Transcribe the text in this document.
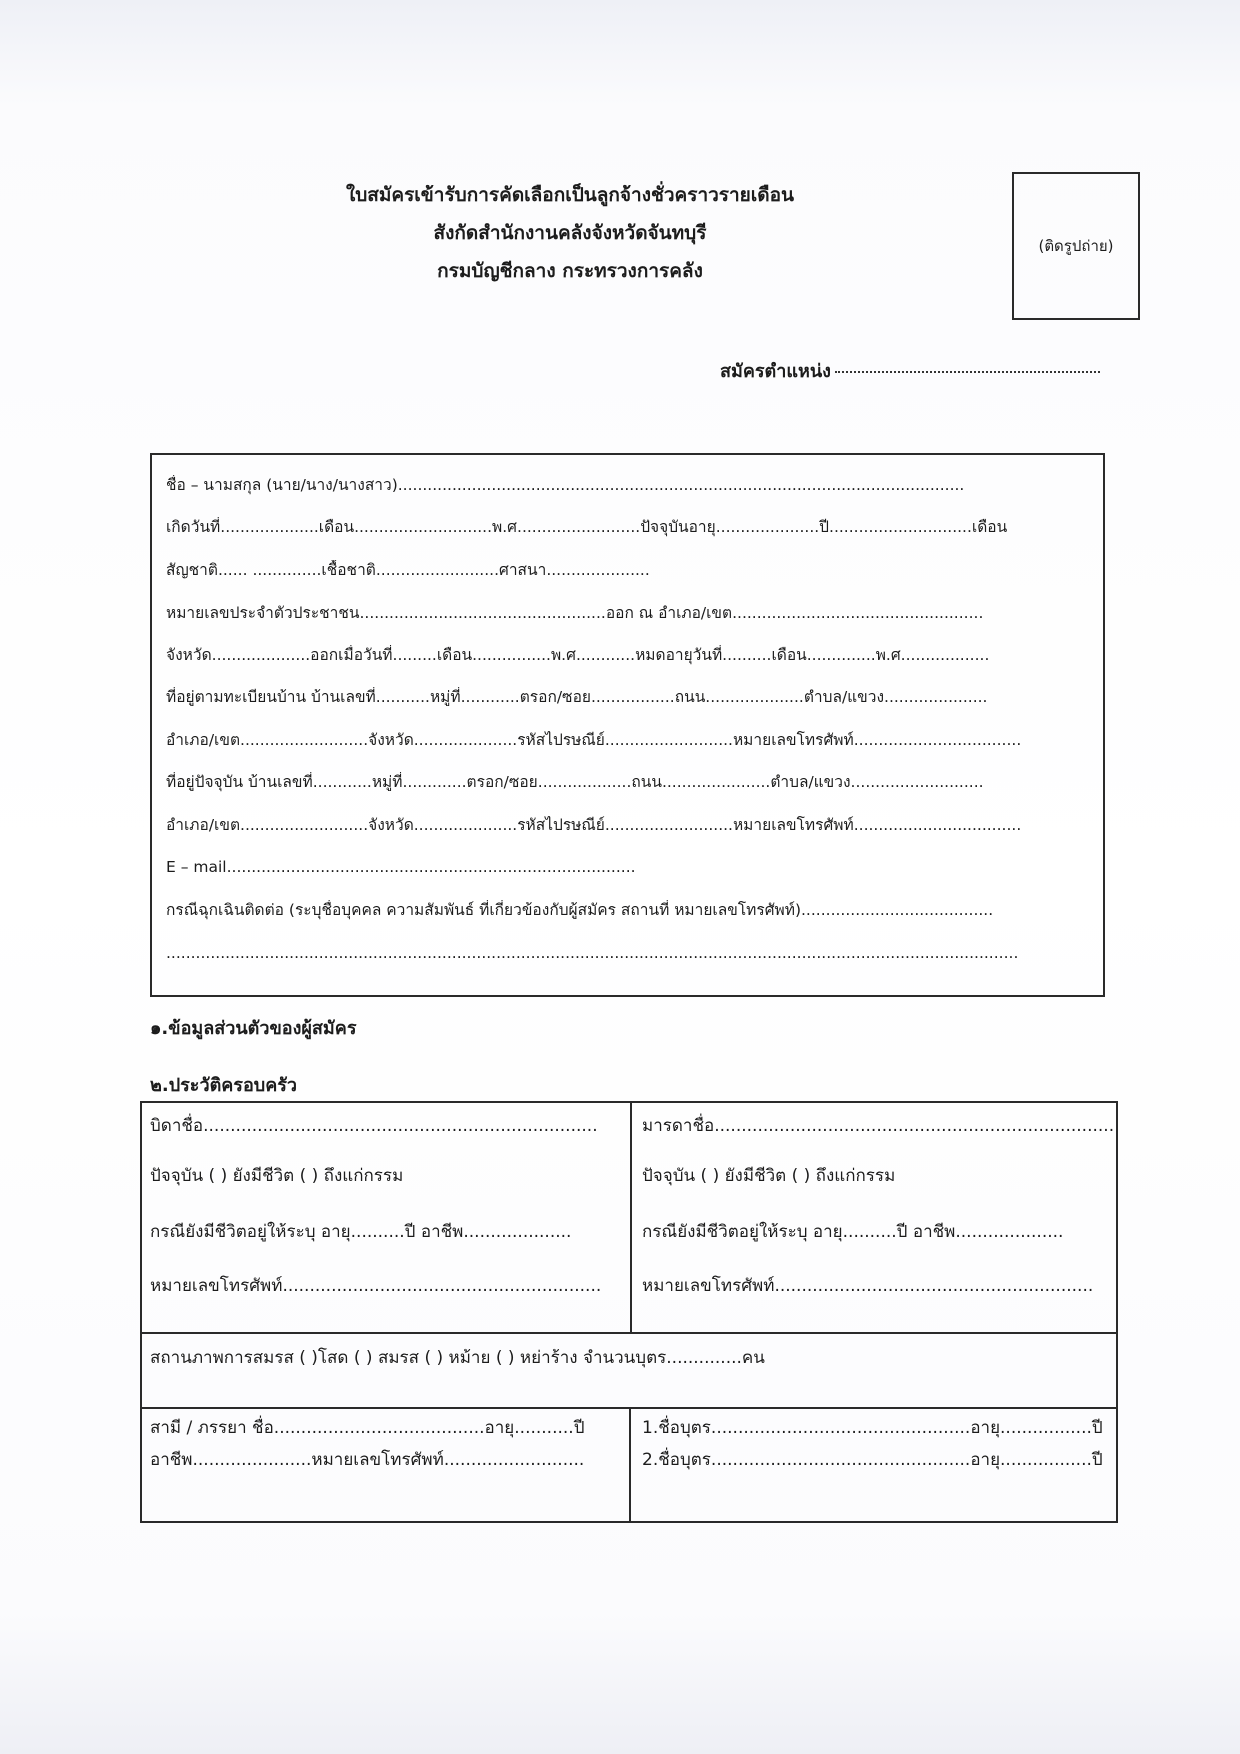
ใบสมัครเข้ารับการคัดเลือกเป็นลูกจ้างชั่วคราวรายเดือน
สังกัดสำนักงานคลังจังหวัดจันทบุรี
กรมบัญชีกลาง กระทรวงการคลัง
(ติดรูปถ่าย)
สมัครตำแหน่ง
ชื่อ – นามสกุล (นาย/นาง/นางสาว)...................................................................................................................
เกิดวันที่....................เดือน............................พ.ศ.........................ปัจจุบันอายุ.....................ปี.............................เดือน
สัญชาติ...... ..............เชื้อชาติ.........................ศาสนา.....................
หมายเลขประจำตัวประชาชน..................................................ออก ณ อำเภอ/เขต...................................................
จังหวัด....................ออกเมื่อวันที่.........เดือน................พ.ศ............หมดอายุวันที่..........เดือน..............พ.ศ..................
ที่อยู่ตามทะเบียนบ้าน บ้านเลขที่...........หมู่ที่............ตรอก/ซอย.................ถนน....................ตำบล/แขวง.....................
อำเภอ/เขต..........................จังหวัด.....................รหัสไปรษณีย์..........................หมายเลขโทรศัพท์..................................
ที่อยู่ปัจจุบัน บ้านเลขที่............หมู่ที่.............ตรอก/ซอย...................ถนน......................ตำบล/แขวง...........................
อำเภอ/เขต..........................จังหวัด.....................รหัสไปรษณีย์..........................หมายเลขโทรศัพท์..................................
E – mail...................................................................................
กรณีฉุกเฉินติดต่อ (ระบุชื่อบุคคล ความสัมพันธ์ ที่เกี่ยวข้องกับผู้สมัคร สถานที่ หมายเลขโทรศัพท์).......................................
.............................................................................................................................................................................
๑.ข้อมูลส่วนตัวของผู้สมัคร
๒.ประวัติครอบครัว
บิดาชื่อ.........................................................................
ปัจจุบัน ( ) ยังมีชีวิต ( ) ถึงแก่กรรม
กรณียังมีชีวิตอยู่ให้ระบุ อายุ..........ปี อาชีพ....................
หมายเลขโทรศัพท์...........................................................
มารดาชื่อ..........................................................................
ปัจจุบัน ( ) ยังมีชีวิต ( ) ถึงแก่กรรม
กรณียังมีชีวิตอยู่ให้ระบุ อายุ..........ปี อาชีพ....................
หมายเลขโทรศัพท์...........................................................
สถานภาพการสมรส ( )โสด ( ) สมรส ( ) หม้าย ( ) หย่าร้าง จำนวนบุตร..............คน
สามี / ภรรยา ชื่อ.......................................อายุ...........ปี
อาชีพ......................หมายเลขโทรศัพท์..........................
1.ชื่อบุตร................................................อายุ.................ปี
2.ชื่อบุตร................................................อายุ.................ปี
